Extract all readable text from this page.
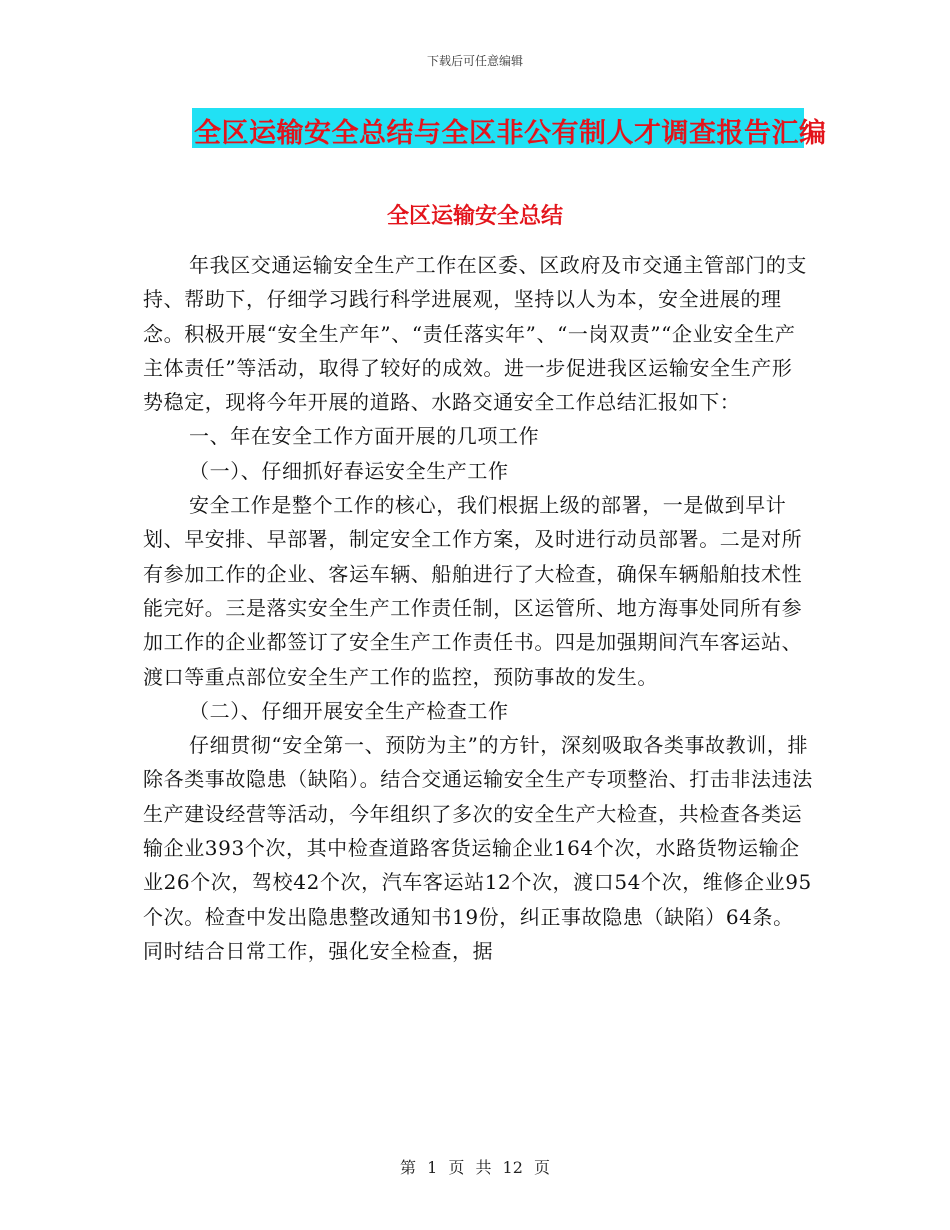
下载后可任意编辑
全区运输安全总结与全区非公有制人才调查报告汇编
全区运输安全总结

年我区交通运输安全生产工作在区委、区政府及市交通主管部门的支持、帮助下，仔细学习践行科学进展观，坚持以人为本，安全进展的理念。积极开展“安全生产年”、“责任落实年”、“一岗双责”“企业安全生产主体责任”等活动，取得了较好的成效。进一步促进我区运输安全生产形势稳定，现将今年开展的道路、水路交通安全工作总结汇报如下：

一、年在安全工作方面开展的几项工作

（一）、仔细抓好春运安全生产工作

安全工作是整个工作的核心，我们根据上级的部署，一是做到早计划、早安排、早部署，制定安全工作方案，及时进行动员部署。二是对所有参加工作的企业、客运车辆、船舶进行了大检查，确保车辆船舶技术性能完好。三是落实安全生产工作责任制，区运管所、地方海事处同所有参加工作的企业都签订了安全生产工作责任书。四是加强期间汽车客运站、渡口等重点部位安全生产工作的监控，预防事故的发生。

（二）、仔细开展安全生产检查工作

仔细贯彻“安全第一、预防为主”的方针，深刻吸取各类事故教训，排除各类事故隐患（缺陷）。结合交通运输安全生产专项整治、打击非法违法生产建设经营等活动，今年组织了多次的安全生产大检查，共检查各类运输企业393个次，其中检查道路客货运输企业164个次，水路货物运输企业26个次，驾校42个次，汽车客运站12个次，渡口54个次，维修企业95个次。检查中发出隐患整改通知书19份，纠正事故隐患（缺陷）64条。同时结合日常工作，强化安全检查，据

第 1 页 共 12 页
